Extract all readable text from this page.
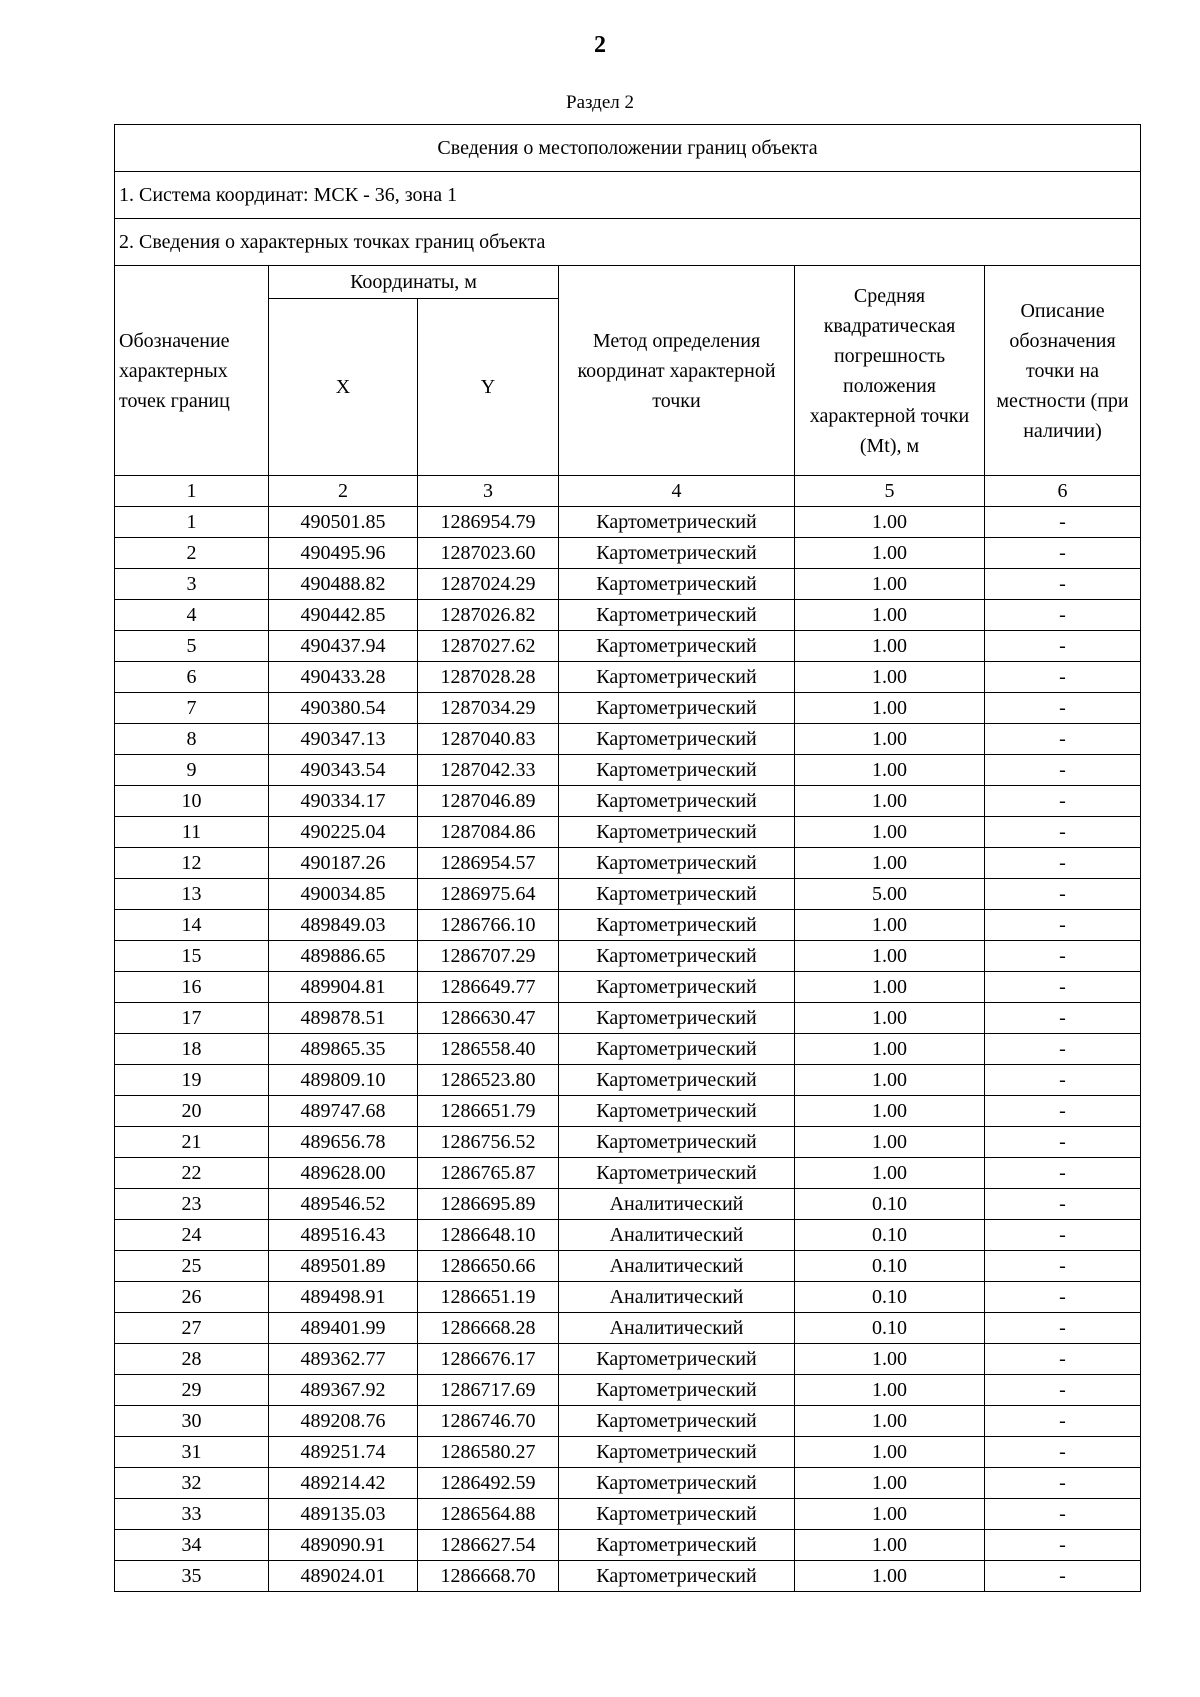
2
Раздел 2
Сведения о местоположении границ объекта					
1. Система координат: МСК - 36, зона 1					
2. Сведения о характерных точках границ объекта					
Обозначение характерных точек границ	Координаты, м		Метод определения координат характерной точки	Средняя квадратическая погрешность положения характерной точки (Mt), м	Описание обозначения точки на местности (при наличии)
	X	Y			
1	2	3	4	5	6
1	490501.85	1286954.79	Картометрический	1.00	-
2	490495.96	1287023.60	Картометрический	1.00	-
3	490488.82	1287024.29	Картометрический	1.00	-
4	490442.85	1287026.82	Картометрический	1.00	-
5	490437.94	1287027.62	Картометрический	1.00	-
6	490433.28	1287028.28	Картометрический	1.00	-
7	490380.54	1287034.29	Картометрический	1.00	-
8	490347.13	1287040.83	Картометрический	1.00	-
9	490343.54	1287042.33	Картометрический	1.00	-
10	490334.17	1287046.89	Картометрический	1.00	-
11	490225.04	1287084.86	Картометрический	1.00	-
12	490187.26	1286954.57	Картометрический	1.00	-
13	490034.85	1286975.64	Картометрический	5.00	-
14	489849.03	1286766.10	Картометрический	1.00	-
15	489886.65	1286707.29	Картометрический	1.00	-
16	489904.81	1286649.77	Картометрический	1.00	-
17	489878.51	1286630.47	Картометрический	1.00	-
18	489865.35	1286558.40	Картометрический	1.00	-
19	489809.10	1286523.80	Картометрический	1.00	-
20	489747.68	1286651.79	Картометрический	1.00	-
21	489656.78	1286756.52	Картометрический	1.00	-
22	489628.00	1286765.87	Картометрический	1.00	-
23	489546.52	1286695.89	Аналитический	0.10	-
24	489516.43	1286648.10	Аналитический	0.10	-
25	489501.89	1286650.66	Аналитический	0.10	-
26	489498.91	1286651.19	Аналитический	0.10	-
27	489401.99	1286668.28	Аналитический	0.10	-
28	489362.77	1286676.17	Картометрический	1.00	-
29	489367.92	1286717.69	Картометрический	1.00	-
30	489208.76	1286746.70	Картометрический	1.00	-
31	489251.74	1286580.27	Картометрический	1.00	-
32	489214.42	1286492.59	Картометрический	1.00	-
33	489135.03	1286564.88	Картометрический	1.00	-
34	489090.91	1286627.54	Картометрический	1.00	-
35	489024.01	1286668.70	Картометрический	1.00	-
